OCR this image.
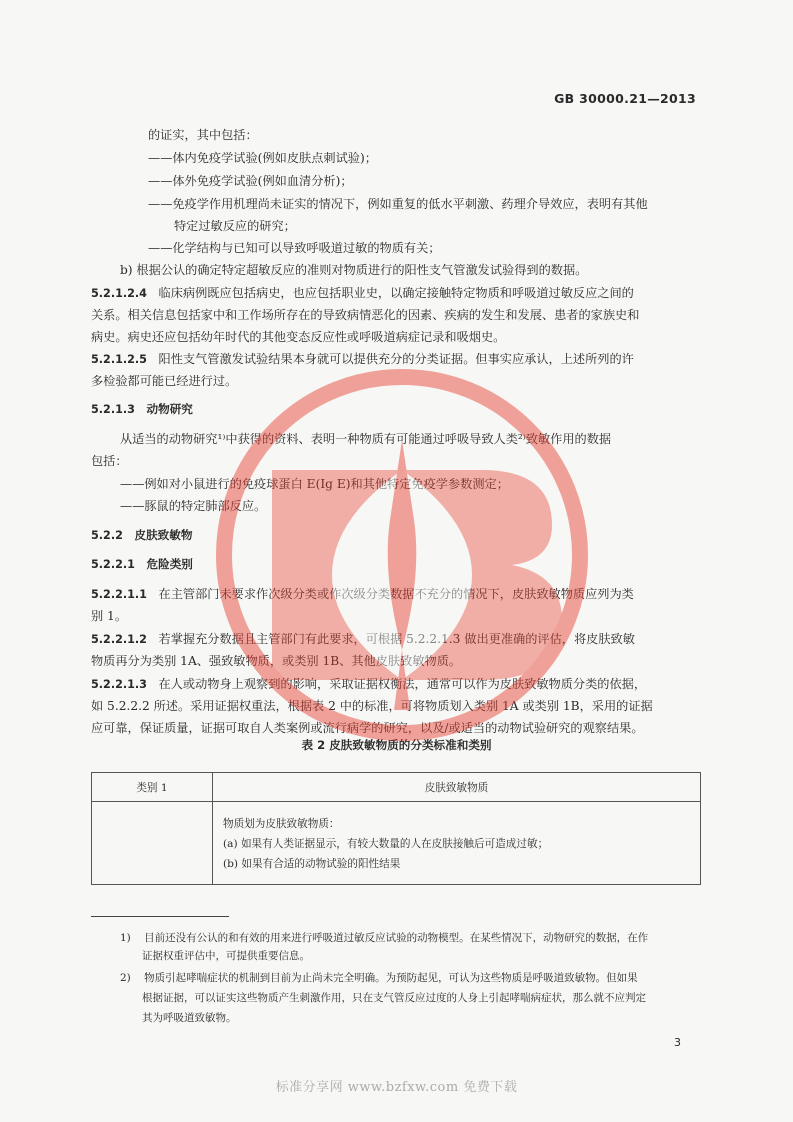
GB 30000.21—2013
的证实，其中包括：
——体内免疫学试验(例如皮肤点刺试验)；
——体外免疫学试验(例如血清分析)；
——免疫学作用机理尚未证实的情况下，例如重复的低水平刺激、药理介导效应，表明有其他
特定过敏反应的研究；
——化学结构与已知可以导致呼吸道过敏的物质有关；
b) 根据公认的确定特定超敏反应的准则对物质进行的阳性支气管激发试验得到的数据。
5.2.1.2.4 临床病例既应包括病史，也应包括职业史，以确定接触特定物质和呼吸道过敏反应之间的
关系。相关信息包括家中和工作场所存在的导致病情恶化的因素、疾病的发生和发展、患者的家族史和
病史。病史还应包括幼年时代的其他变态反应性或呼吸道病症记录和吸烟史。
5.2.1.2.5 阳性支气管激发试验结果本身就可以提供充分的分类证据。但事实应承认，上述所列的许
多检验都可能已经进行过。
5.2.1.3 动物研究
从适当的动物研究¹⁾中获得的资料、表明一种物质有可能通过呼吸导致人类²⁾致敏作用的数据
包括：
——例如对小鼠进行的免疫球蛋白 E(Ig E)和其他特定免疫学参数测定；
——豚鼠的特定肺部反应。
5.2.2 皮肤致敏物
5.2.2.1 危险类别
5.2.2.1.1 在主管部门未要求作次级分类或作次级分类数据不充分的情况下，皮肤致敏物质应列为类
别 1。
5.2.2.1.2 若掌握充分数据且主管部门有此要求，可根据 5.2.2.1.3 做出更准确的评估，将皮肤致敏
物质再分为类别 1A、强致敏物质，或类别 1B、其他皮肤致敏物质。
5.2.2.1.3 在人或动物身上观察到的影响，采取证据权衡法，通常可以作为皮肤致敏物质分类的依据，
如 5.2.2.2 所述。采用证据权重法，根据表 2 中的标准，可将物质划入类别 1A 或类别 1B，采用的证据
应可靠，保证质量，证据可取自人类案例或流行病学的研究，以及/或适当的动物试验研究的观察结果。
表 2 皮肤致敏物质的分类标准和类别
类别 1	皮肤致敏物质

	物质划为皮肤致敏物质：
(a) 如果有人类证据显示，有较大数量的人在皮肤接触后可造成过敏；
(b) 如果有合适的动物试验的阳性结果
1) 目前还没有公认的和有效的用来进行呼吸道过敏反应试验的动物模型。在某些情况下，动物研究的数据，在作
证据权重评估中，可提供重要信息。
2) 物质引起哮喘症状的机制到目前为止尚未完全明确。为预防起见，可认为这些物质是呼吸道致敏物。但如果
根据证据，可以证实这些物质产生刺激作用，只在支气管反应过度的人身上引起哮喘病症状，那么就不应判定
其为呼吸道致敏物。
3
标准分享网 www.bzfxw.com 免费下载
